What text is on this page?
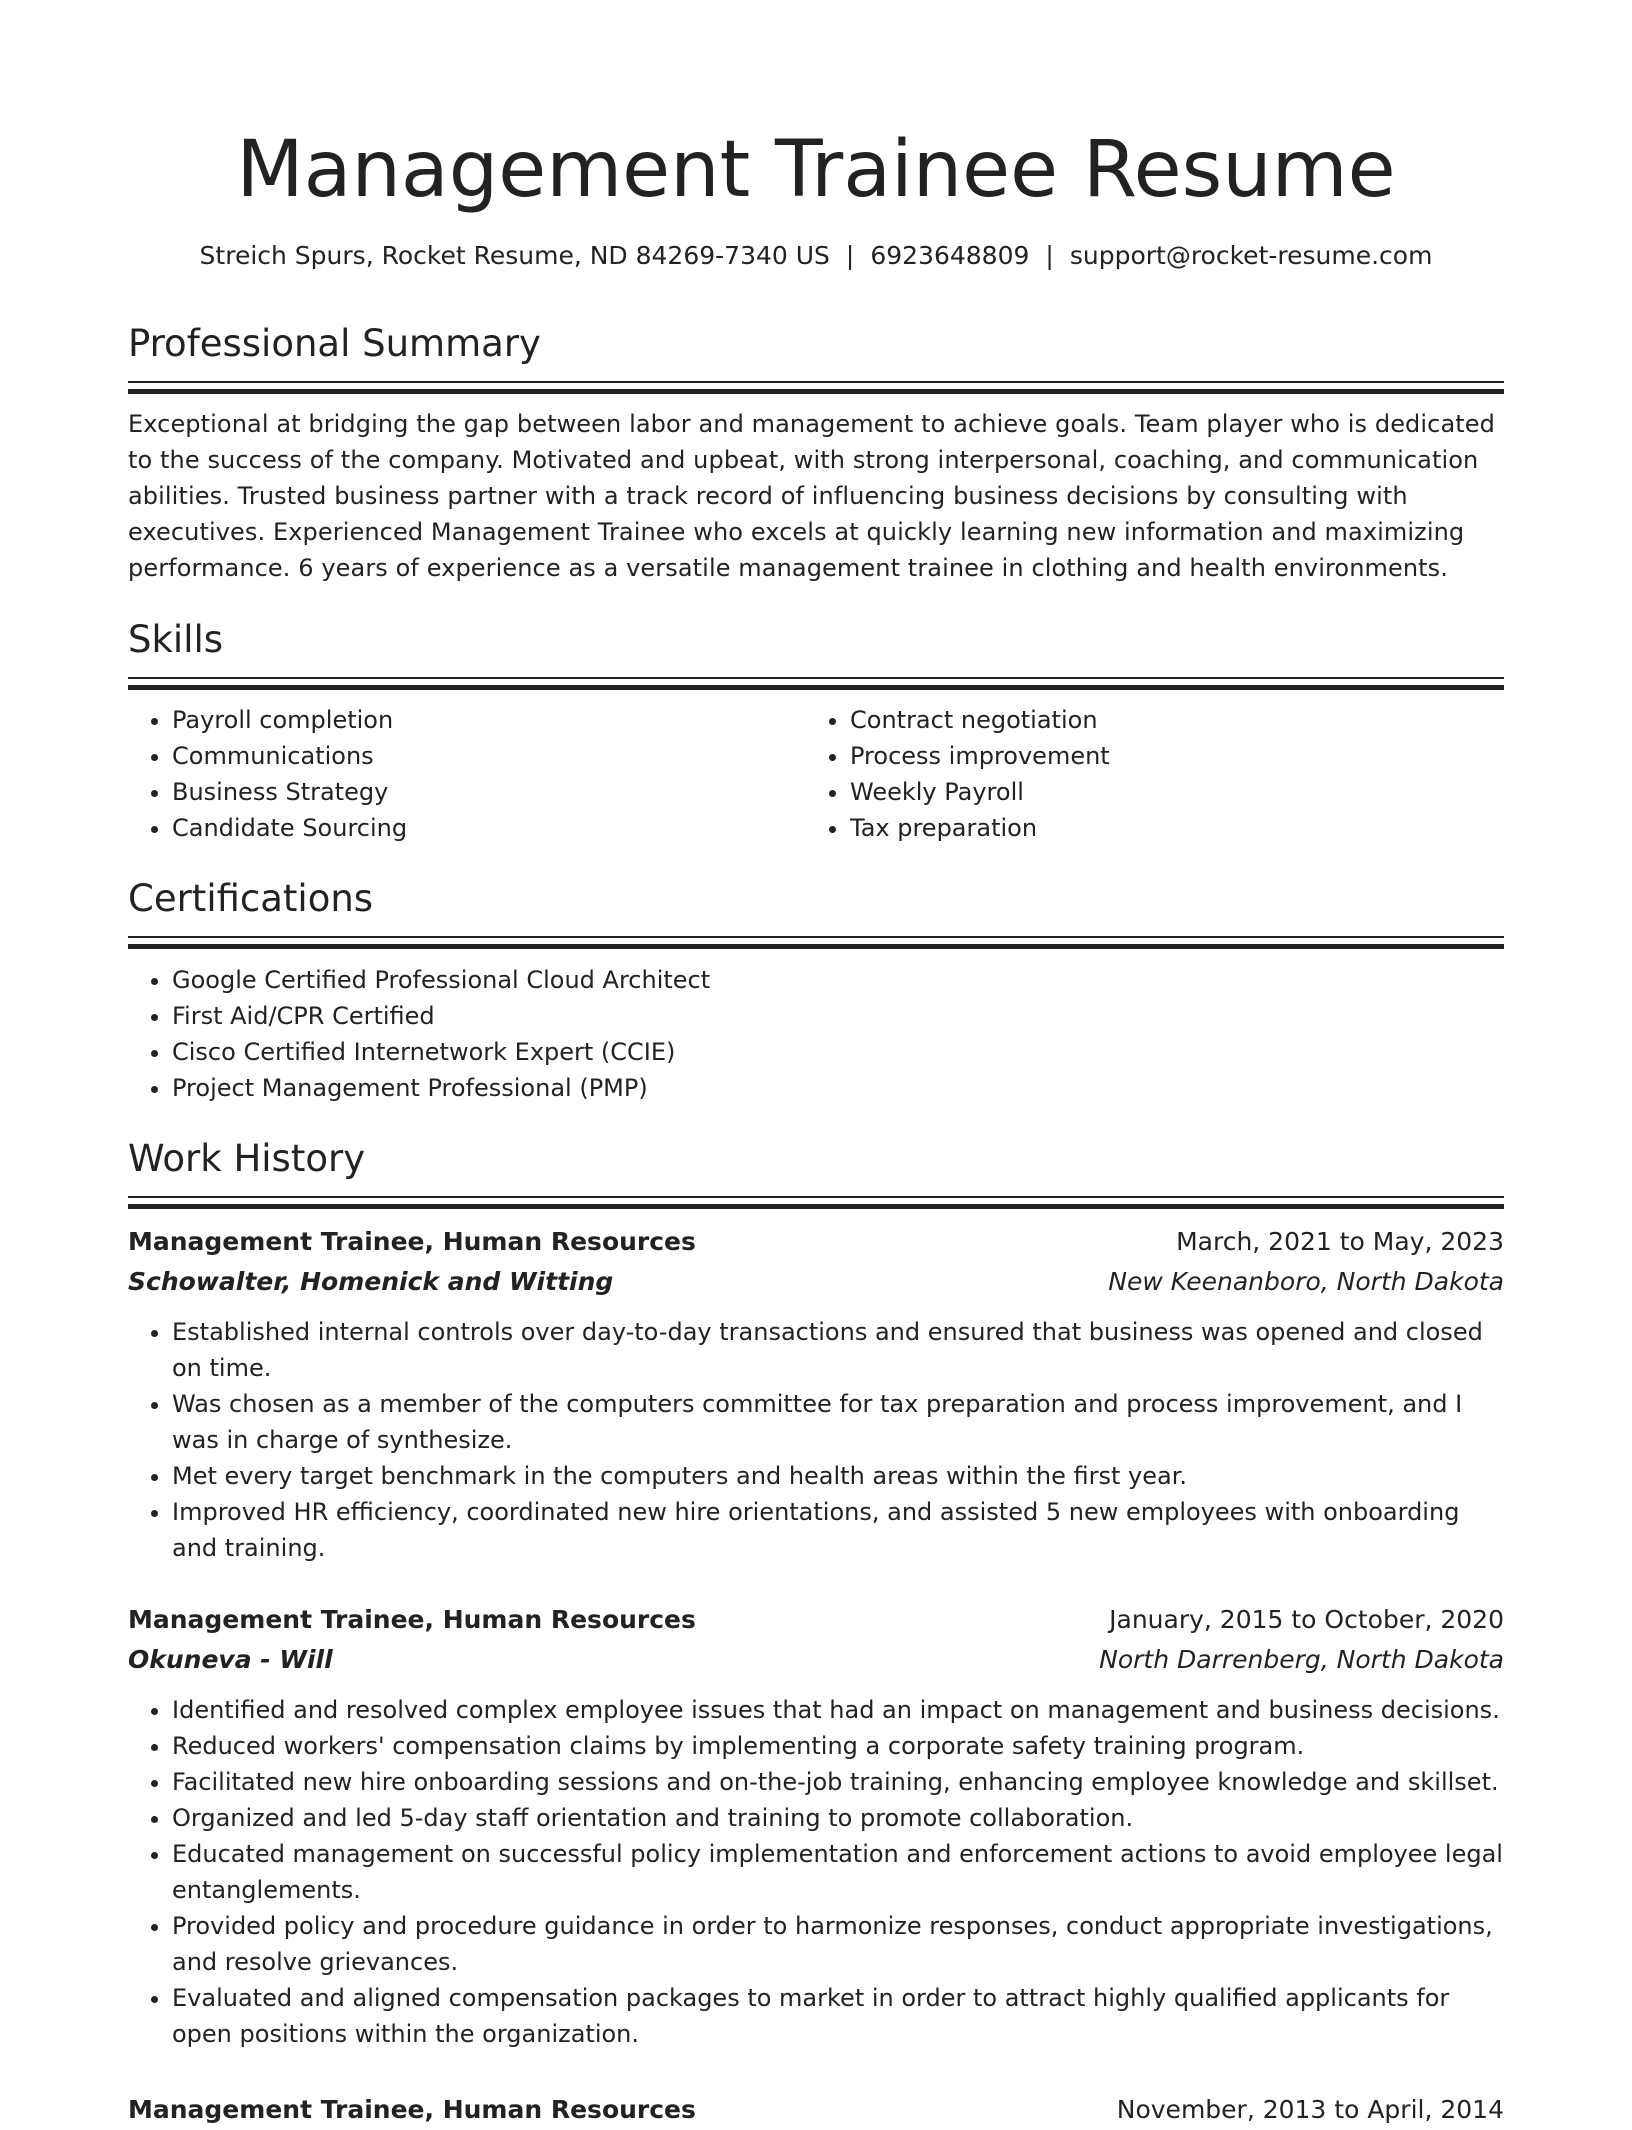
Management Trainee Resume
Streich Spurs, Rocket Resume, ND 84269-7340 US | 6923648809 | support@rocket-resume.com
Professional Summary

Exceptional at bridging the gap between labor and management to achieve goals. Team player who is dedicated to the success of the company. Motivated and upbeat, with strong interpersonal, coaching, and communication abilities. Trusted business partner with a track record of influencing business decisions by consulting with executives. Experienced Management Trainee who excels at quickly learning new information and maximizing performance. 6 years of experience as a versatile management trainee in clothing and health environments.

Skills
• Payroll completion
• Communications
• Business Strategy
• Candidate Sourcing
• Contract negotiation
• Process improvement
• Weekly Payroll
• Tax preparation
Certifications
• Google Certified Professional Cloud Architect
• First Aid/CPR Certified
• Cisco Certified Internetwork Expert (CCIE)
• Project Management Professional (PMP)
Work History
Management Trainee, Human Resources	March, 2021 to May, 2023
Schowalter, Homenick and Witting	New Keenanboro, North Dakota
• Established internal controls over day-to-day transactions and ensured that business was opened and closed on time.
• Was chosen as a member of the computers committee for tax preparation and process improvement, and I was in charge of synthesize.
• Met every target benchmark in the computers and health areas within the first year.
• Improved HR efficiency, coordinated new hire orientations, and assisted 5 new employees with onboarding and training.
Management Trainee, Human Resources	January, 2015 to October, 2020
Okuneva - Will	North Darrenberg, North Dakota
• Identified and resolved complex employee issues that had an impact on management and business decisions.
• Reduced workers' compensation claims by implementing a corporate safety training program.
• Facilitated new hire onboarding sessions and on-the-job training, enhancing employee knowledge and skillset.
• Organized and led 5-day staff orientation and training to promote collaboration.
• Educated management on successful policy implementation and enforcement actions to avoid employee legal entanglements.
• Provided policy and procedure guidance in order to harmonize responses, conduct appropriate investigations, and resolve grievances.
• Evaluated and aligned compensation packages to market in order to attract highly qualified applicants for open positions within the organization.
Management Trainee, Human Resources	November, 2013 to April, 2014
